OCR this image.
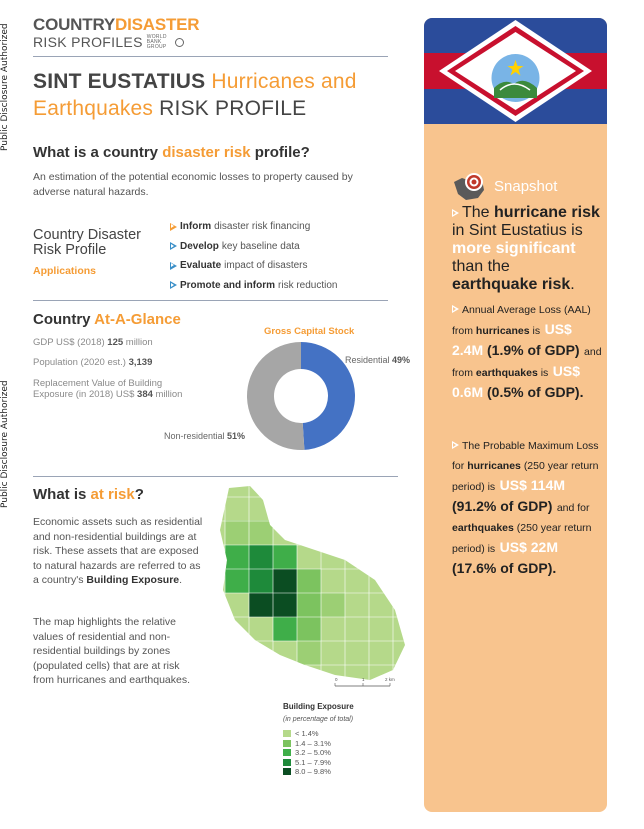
Public Disclosure Authorized
Public Disclosure Authorized
COUNTRYDISASTER
RISK PROFILES WORLD BANK GROUP
SINT EUSTATIUS Hurricanes and
Earthquakes RISK PROFILE
What is a country disaster risk profile?
An estimation of the potential economic losses to property caused by adverse natural hazards.
Country Disaster Risk Profile
Applications
Inform disaster risk financing
Develop key baseline data
Evaluate impact of disasters
Promote and inform risk reduction
Country At-A-Glance
GDP US$ (2018) 125 million
Population (2020 est.) 3,139
Replacement Value of Building
Exposure (in 2018) US$ 384 million
Gross Capital Stock
Residential 49%
Non-residential 51%
What is at risk?
Economic assets such as residential and non-residential buildings are at risk. These assets that are exposed to natural hazards are referred to as a country's Building Exposure.
The map highlights the relative values of residential and non-residential buildings by zones (populated cells) that are at risk from hurricanes and earthquakes.	0	1	2 km
Building Exposure
(in percentage of total)
< 1.4%
1.4 – 3.1%
3.2 – 5.0%
5.1 – 7.9%
8.0 – 9.8%
Snapshot
The hurricane risk
in Sint Eustatius is more significant than the
earthquake risk.
Annual Average Loss (AAL) from hurricanes is US$ 2.4M (1.9% of GDP) and from earthquakes is US$ 0.6M (0.5% of GDP).
The Probable Maximum Loss for hurricanes (250 year return period) is US$ 114M (91.2% of GDP) and for earthquakes (250 year return period) is US$ 22M (17.6% of GDP).
